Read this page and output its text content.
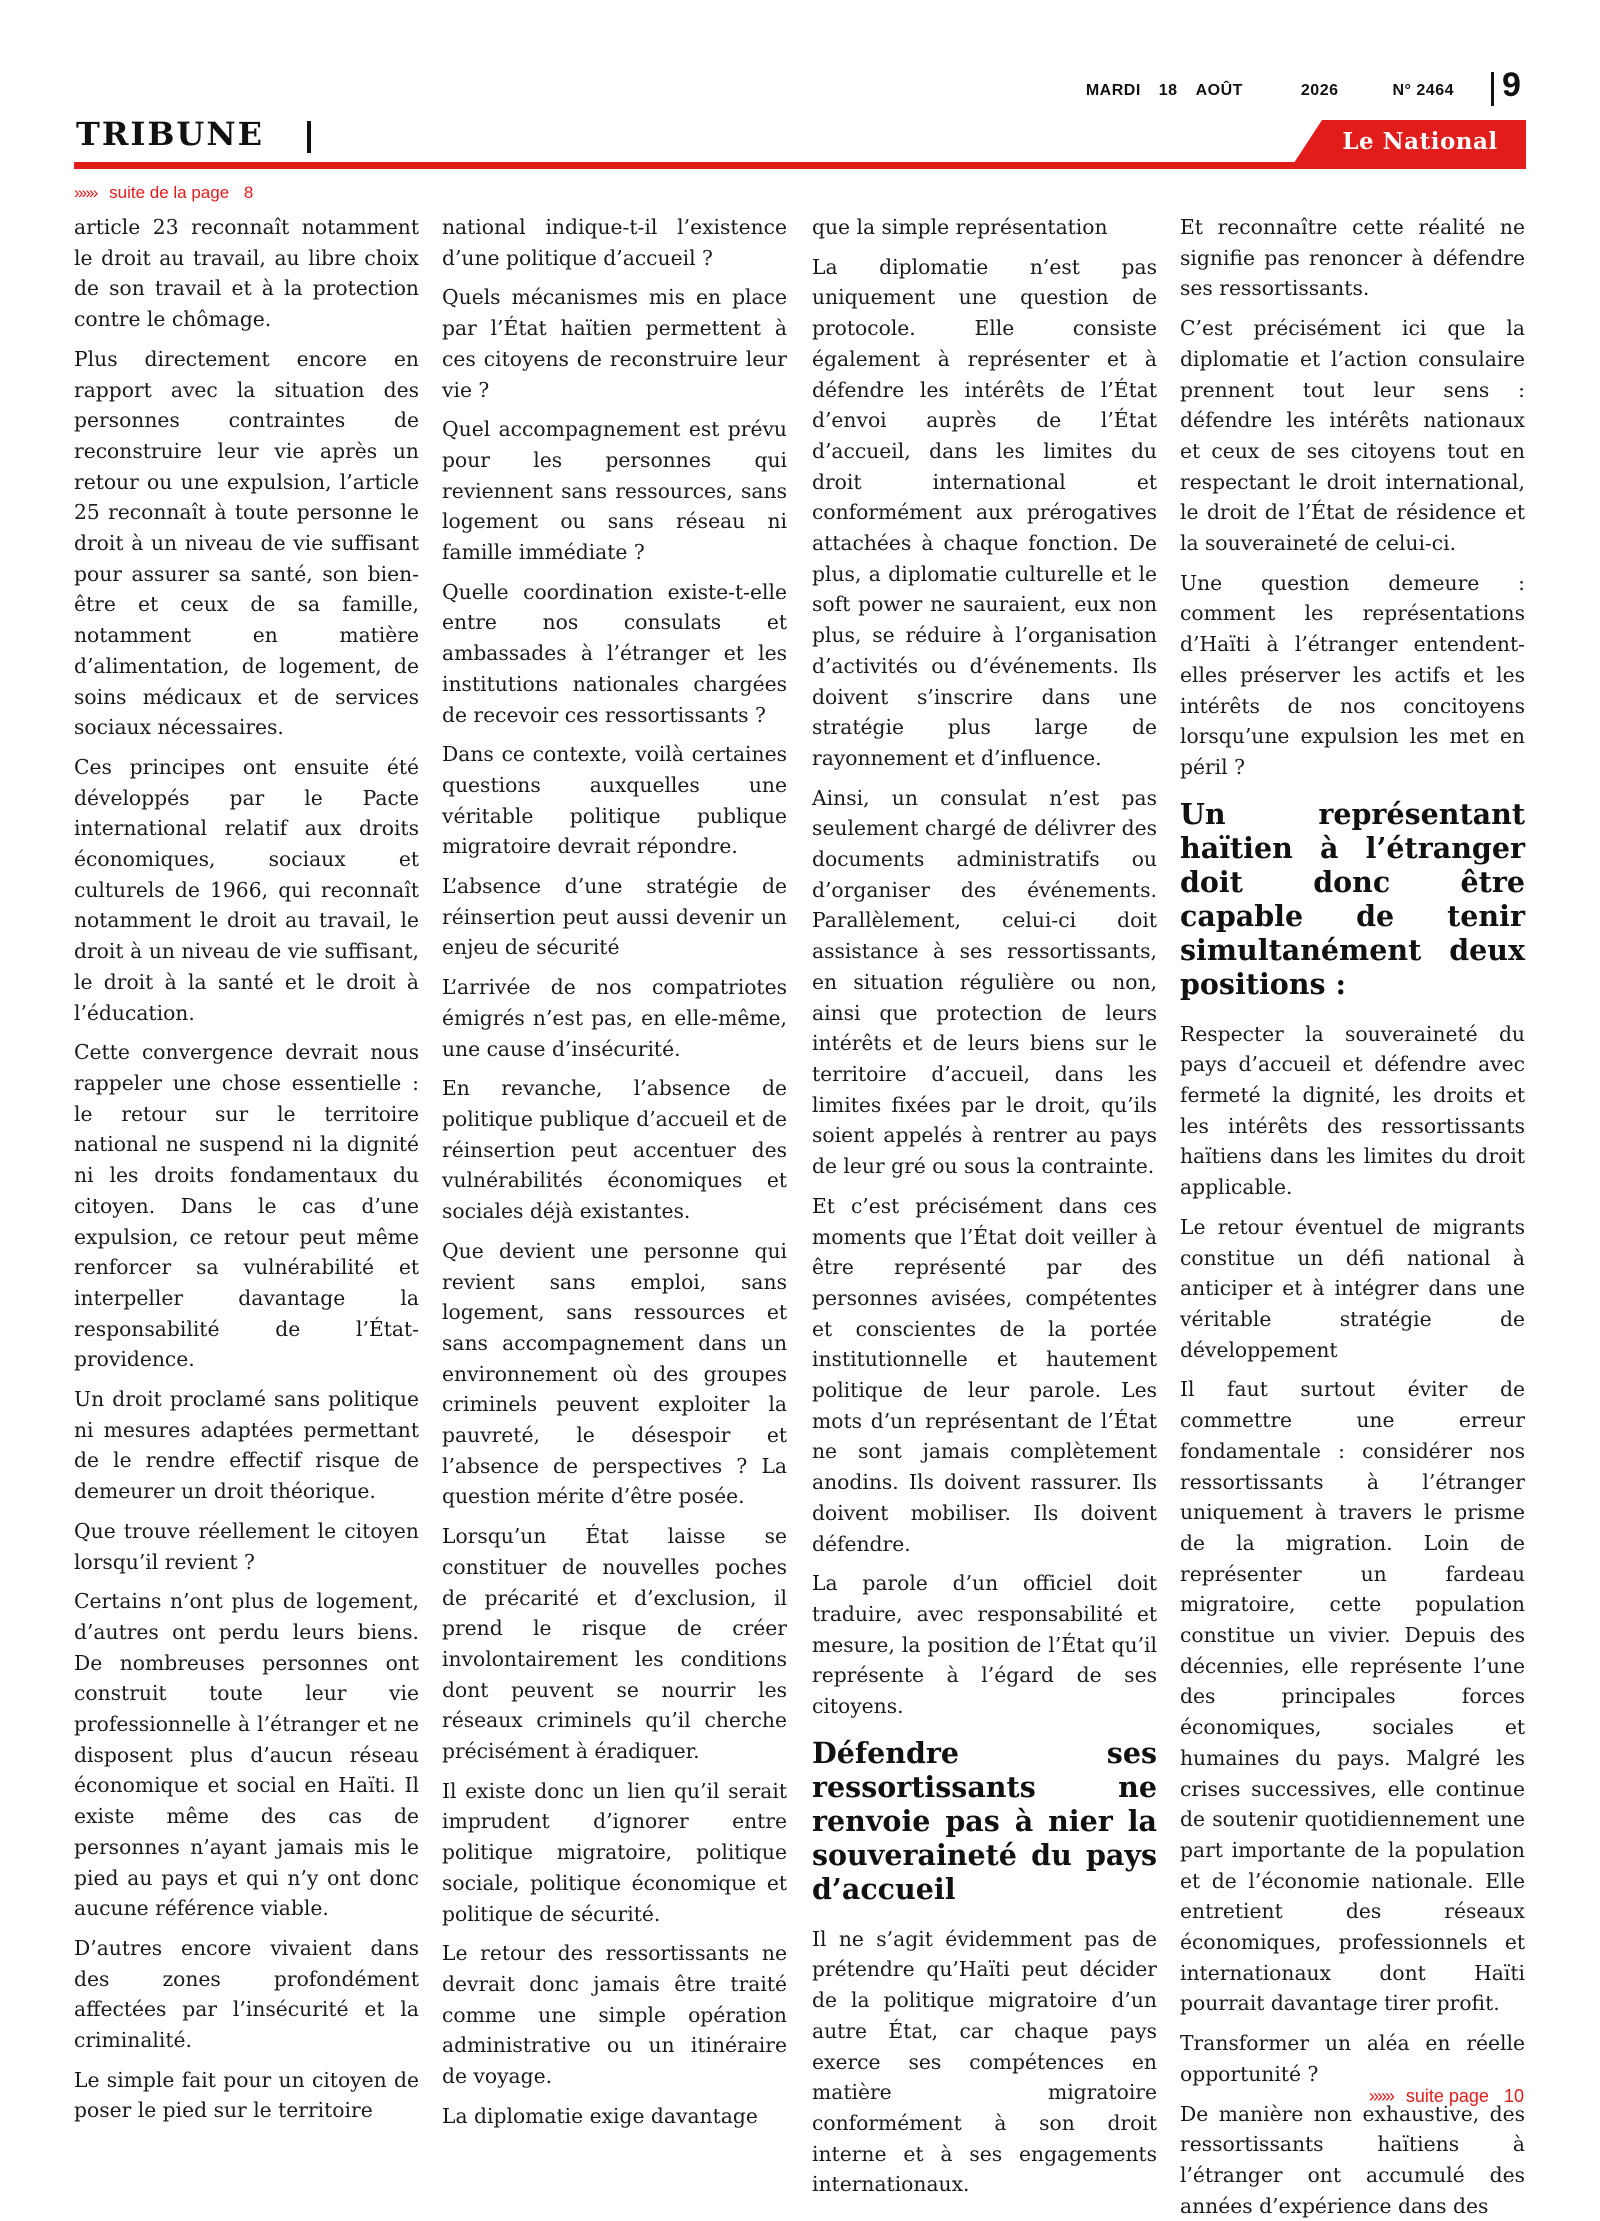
MARDI 18 AOÛT	2026	N° 2464 9
TRIBUNE	Le National
»»» suite de la page 8

article 23 reconnaît notamment le droit au travail, au libre choix de son travail et à la protection contre le chômage.

Plus directement encore en rapport avec la situation des personnes contraintes de reconstruire leur vie après un retour ou une expulsion, l’article 25 reconnaît à toute personne le droit à un niveau de vie suffisant pour assurer sa santé, son bien-être et ceux de sa famille, notamment en matière d’alimentation, de logement, de soins médicaux et de services sociaux nécessaires.

Ces principes ont ensuite été développés par le Pacte international relatif aux droits économiques, sociaux et culturels de 1966, qui reconnaît notamment le droit au travail, le droit à un niveau de vie suffisant, le droit à la santé et le droit à l’éducation.

Cette convergence devrait nous rappeler une chose essentielle : le retour sur le territoire national ne suspend ni la dignité ni les droits fondamentaux du citoyen. Dans le cas d’une expulsion, ce retour peut même renforcer sa vulnérabilité et interpeller davantage la responsabilité de l’État-providence.

Un droit proclamé sans politique ni mesures adaptées permettant de le rendre effectif risque de demeurer un droit théorique.

Que trouve réellement le citoyen lorsqu’il revient ?

Certains n’ont plus de logement, d’autres ont perdu leurs biens. De nombreuses personnes ont construit toute leur vie professionnelle à l’étranger et ne disposent plus d’aucun réseau économique et social en Haïti. Il existe même des cas de personnes n’ayant jamais mis le pied au pays et qui n’y ont donc aucune référence viable.

D’autres encore vivaient dans des zones profondément affectées par l’insécurité et la criminalité.

Le simple fait pour un citoyen de poser le pied sur le territoire

national indique-t-il l’existence d’une politique d’accueil ?

Quels mécanismes mis en place par l’État haïtien permettent à ces citoyens de reconstruire leur vie ?

Quel accompagnement est prévu pour les personnes qui reviennent sans ressources, sans logement ou sans réseau ni famille immédiate ?

Quelle coordination existe-t-elle entre nos consulats et ambassades à l’étranger et les institutions nationales chargées de recevoir ces ressortissants ?

Dans ce contexte, voilà certaines questions auxquelles une véritable politique publique migratoire devrait répondre.

L’absence d’une stratégie de réinsertion peut aussi devenir un enjeu de sécurité

L’arrivée de nos compatriotes émigrés n’est pas, en elle-même, une cause d’insécurité.

En revanche, l’absence de politique publique d’accueil et de réinsertion peut accentuer des vulnérabilités économiques et sociales déjà existantes.

Que devient une personne qui revient sans emploi, sans logement, sans ressources et sans accompagnement dans un environnement où des groupes criminels peuvent exploiter la pauvreté, le désespoir et l’absence de perspectives ? La question mérite d’être posée.

Lorsqu’un État laisse se constituer de nouvelles poches de précarité et d’exclusion, il prend le risque de créer involontairement les conditions dont peuvent se nourrir les réseaux criminels qu’il cherche précisément à éradiquer.

Il existe donc un lien qu’il serait imprudent d’ignorer entre politique migratoire, politique sociale, politique économique et politique de sécurité.

Le retour des ressortissants ne devrait donc jamais être traité comme une simple opération administrative ou un itinéraire de voyage.

La diplomatie exige davantage

que la simple représentation

La diplomatie n’est pas uniquement une question de protocole. Elle consiste également à représenter et à défendre les intérêts de l’État d’envoi auprès de l’État d’accueil, dans les limites du droit international et conformément aux prérogatives attachées à chaque fonction. De plus, a diplomatie culturelle et le soft power ne sauraient, eux non plus, se réduire à l’organisation d’activités ou d’événements. Ils doivent s’inscrire dans une stratégie plus large de rayonnement et d’influence.

Ainsi, un consulat n’est pas seulement chargé de délivrer des documents administratifs ou d’organiser des événements. Parallèlement, celui-ci doit assistance à ses ressortissants, en situation régulière ou non, ainsi que protection de leurs intérêts et de leurs biens sur le territoire d’accueil, dans les limites fixées par le droit, qu’ils soient appelés à rentrer au pays de leur gré ou sous la contrainte.

Et c’est précisément dans ces moments que l’État doit veiller à être représenté par des personnes avisées, compétentes et conscientes de la portée institutionnelle et hautement politique de leur parole. Les mots d’un représentant de l’État ne sont jamais complètement anodins. Ils doivent rassurer. Ils doivent mobiliser. Ils doivent défendre.

La parole d’un officiel doit traduire, avec responsabilité et mesure, la position de l’État qu’il représente à l’égard de ses citoyens.

Défendre ses ressortissants ne renvoie pas à nier la souveraineté du pays d’accueil

Il ne s’agit évidemment pas de prétendre qu’Haïti peut décider de la politique migratoire d’un autre État, car chaque pays exerce ses compétences en matière migratoire conformément à son droit interne et à ses engagements internationaux.

Et reconnaître cette réalité ne signifie pas renoncer à défendre ses ressortissants.

C’est précisément ici que la diplomatie et l’action consulaire prennent tout leur sens : défendre les intérêts nationaux et ceux de ses citoyens tout en respectant le droit international, le droit de l’État de résidence et la souveraineté de celui-ci.

Une question demeure : comment les représentations d’Haïti à l’étranger entendent-elles préserver les actifs et les intérêts de nos concitoyens lorsqu’une expulsion les met en péril ?

Un représentant haïtien à l’étranger doit donc être capable de tenir simultanément deux positions :

Respecter la souveraineté du pays d’accueil et défendre avec fermeté la dignité, les droits et les intérêts des ressortissants haïtiens dans les limites du droit applicable.

Le retour éventuel de migrants constitue un défi national à anticiper et à intégrer dans une véritable stratégie de développement

Il faut surtout éviter de commettre une erreur fondamentale : considérer nos ressortissants à l’étranger uniquement à travers le prisme de la migration. Loin de représenter un fardeau migratoire, cette population constitue un vivier. Depuis des décennies, elle représente l’une des principales forces économiques, sociales et humaines du pays. Malgré les crises successives, elle continue de soutenir quotidiennement une part importante de la population et de l’économie nationale. Elle entretient des réseaux économiques, professionnels et internationaux dont Haïti pourrait davantage tirer profit.

Transformer un aléa en réelle opportunité ?

De manière non exhaustive, des ressortissants haïtiens à l’étranger ont accumulé des années d’expérience dans des

»»» suite page 10
